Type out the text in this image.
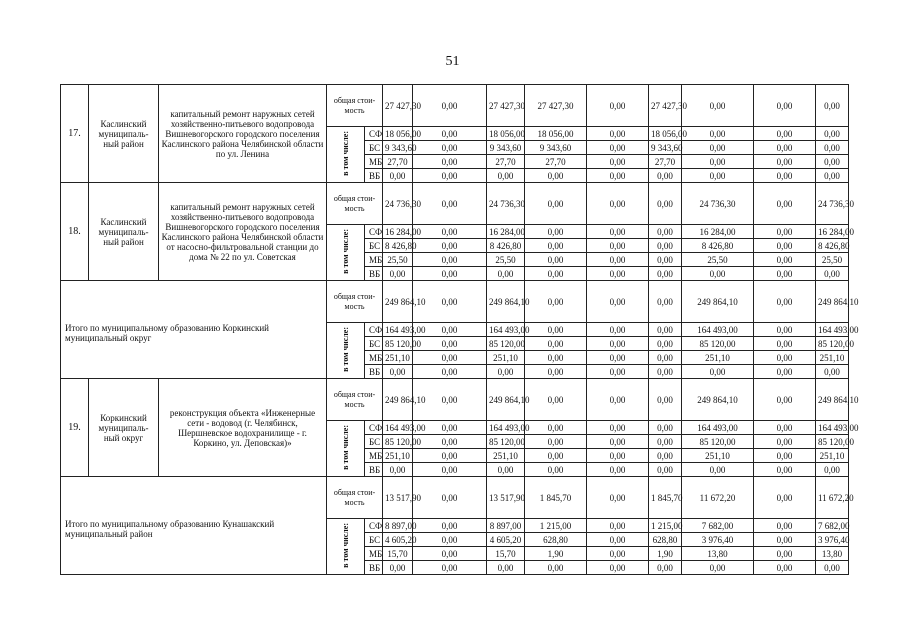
51
17.	Каслинский муниципаль-ный район	капитальный ремонт наружных сетей хозяйственно-питьевого водопровода Вишневогорского городского поселения Каслинского района Челябинской области по ул. Ленина	общая стои-мость		27 427,30	0,00	27 427,30	27 427,30	0,00	27 427,30	0,00	0,00	0,00
			в том числе:	СФ	18 056,00	0,00	18 056,00	18 056,00	0,00	18 056,00	0,00	0,00	0,00
				БС	9 343,60	0,00	9 343,60	9 343,60	0,00	9 343,60	0,00	0,00	0,00
				МБ	27,70	0,00	27,70	27,70	0,00	27,70	0,00	0,00	0,00
				ВБ	0,00	0,00	0,00	0,00	0,00	0,00	0,00	0,00	0,00
18.	Каслинский муниципаль-ный район	капитальный ремонт наружных сетей хозяйственно-питьевого водопровода Вишневогорского городского поселения Каслинского района Челябинской области от насосно-фильтровальной станции до дома № 22 по ул. Советская	общая стои-мость		24 736,30	0,00	24 736,30	0,00	0,00	0,00	24 736,30	0,00	24 736,30
			в том числе:	СФ	16 284,00	0,00	16 284,00	0,00	0,00	0,00	16 284,00	0,00	16 284,00
				БС	8 426,80	0,00	8 426,80	0,00	0,00	0,00	8 426,80	0,00	8 426,80
				МБ	25,50	0,00	25,50	0,00	0,00	0,00	25,50	0,00	25,50
				ВБ	0,00	0,00	0,00	0,00	0,00	0,00	0,00	0,00	0,00
Итого по муниципальному образованию Коркинский муниципальный округ			общая стои-мость		249 864,10	0,00	249 864,10	0,00	0,00	0,00	249 864,10	0,00	249 864,10
			в том числе:	СФ	164 493,00	0,00	164 493,00	0,00	0,00	0,00	164 493,00	0,00	164 493,00
				БС	85 120,00	0,00	85 120,00	0,00	0,00	0,00	85 120,00	0,00	85 120,00
				МБ	251,10	0,00	251,10	0,00	0,00	0,00	251,10	0,00	251,10
				ВБ	0,00	0,00	0,00	0,00	0,00	0,00	0,00	0,00	0,00
19.	Коркинский муниципаль-ный округ	реконструкция объекта «Инженерные сети - водовод (г. Челябинск, Шершневское водохранилище - г. Коркино, ул. Деповская)»	общая стои-мость		249 864,10	0,00	249 864,10	0,00	0,00	0,00	249 864,10	0,00	249 864,10
			в том числе:	СФ	164 493,00	0,00	164 493,00	0,00	0,00	0,00	164 493,00	0,00	164 493,00
				БС	85 120,00	0,00	85 120,00	0,00	0,00	0,00	85 120,00	0,00	85 120,00
				МБ	251,10	0,00	251,10	0,00	0,00	0,00	251,10	0,00	251,10
				ВБ	0,00	0,00	0,00	0,00	0,00	0,00	0,00	0,00	0,00
Итого по муниципальному образованию Кунашакский муниципальный район			общая стои-мость		13 517,90	0,00	13 517,90	1 845,70	0,00	1 845,70	11 672,20	0,00	11 672,20
			в том числе:	СФ	8 897,00	0,00	8 897,00	1 215,00	0,00	1 215,00	7 682,00	0,00	7 682,00
				БС	4 605,20	0,00	4 605,20	628,80	0,00	628,80	3 976,40	0,00	3 976,40
				МБ	15,70	0,00	15,70	1,90	0,00	1,90	13,80	0,00	13,80
				ВБ	0,00	0,00	0,00	0,00	0,00	0,00	0,00	0,00	0,00
